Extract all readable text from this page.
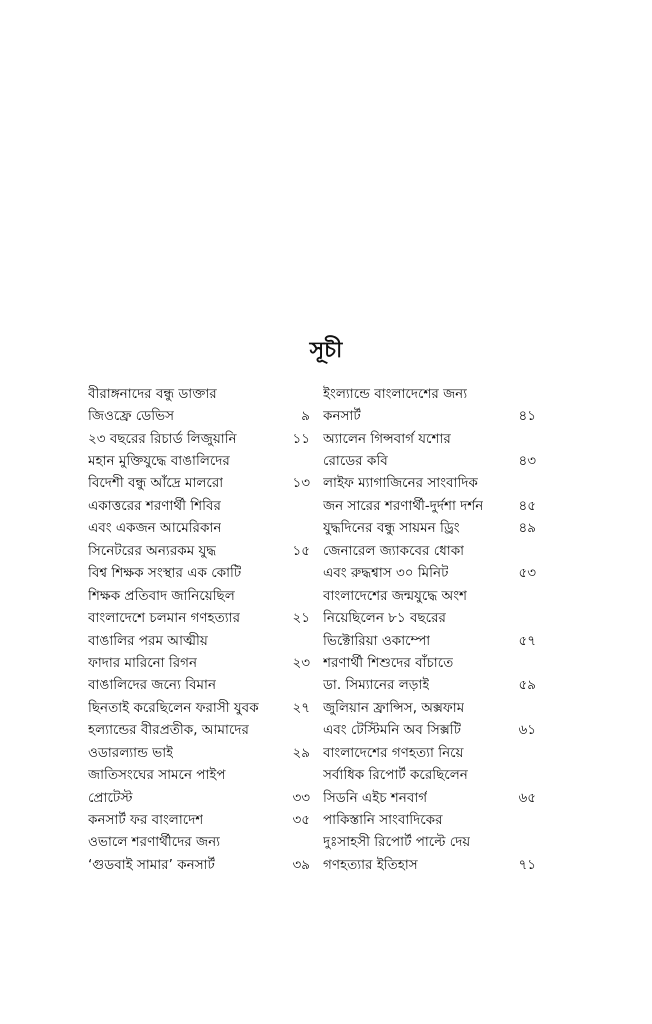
সূচী
বীরাঙ্গনাদের বন্ধু ডাক্তার
জিওফ্রে ডেভিস	৯
২৩ বছরের রিচার্ড লিজুয়ানি	১১
মহান মুক্তিযুদ্ধে বাঙালিদের
বিদেশী বন্ধু আঁদ্রে মালরো	১৩
একাত্তরের শরণার্থী শিবির
এবং একজন আমেরিকান
সিনেটরের অন্যরকম যুদ্ধ	১৫
বিশ্ব শিক্ষক সংস্থার এক কোটি
শিক্ষক প্রতিবাদ জানিয়েছিল
বাংলাদেশে চলমান গণহত্যার	২১
বাঙালির পরম আত্মীয়
ফাদার মারিনো রিগন	২৩
বাঙালিদের জন্যে বিমান
ছিনতাই করেছিলেন ফরাসী যুবক	২৭
হল্যান্ডের বীরপ্রতীক, আমাদের
ওডারল্যান্ড ভাই	২৯
জাতিসংঘের সামনে পাইপ
প্রোটেস্ট	৩৩
কনসার্ট ফর বাংলাদেশ	৩৫
ওভালে শরণার্থীদের জন্য
‘গুডবাই সামার’ কনসার্ট	৩৯
ইংল্যান্ডে বাংলাদেশের জন্য
কনসার্ট	৪১
অ্যালেন গিন্সবার্গ যশোর
রোডের কবি	৪৩
লাইফ ম্যাগাজিনের সাংবাদিক
জন সারের শরণার্থী-দুর্দশা দর্শন	৪৫
যুদ্ধদিনের বন্ধু সায়মন ড্রিং	৪৯
জেনারেল জ্যাকবের ধোকা
এবং রুদ্ধশ্বাস ৩০ মিনিট	৫৩
বাংলাদেশের জন্মযুদ্ধে অংশ
নিয়েছিলেন ৮১ বছরের
ভিক্টোরিয়া ওকাম্পো	৫৭
শরণার্থী শিশুদের বাঁচাতে
ডা. সিম্যানের লড়াই	৫৯
জুলিয়ান ফ্রান্সিস, অক্সফাম
এবং টেস্টিমনি অব সিক্সটি	৬১
বাংলাদেশের গণহত্যা নিয়ে
সর্বাধিক রিপোর্ট করেছিলেন
সিডনি এইচ শনবার্গ	৬৫
পাকিস্তানি সাংবাদিকের
দুঃসাহসী রিপোর্ট পাল্টে দেয়
গণহত্যার ইতিহাস	৭১
